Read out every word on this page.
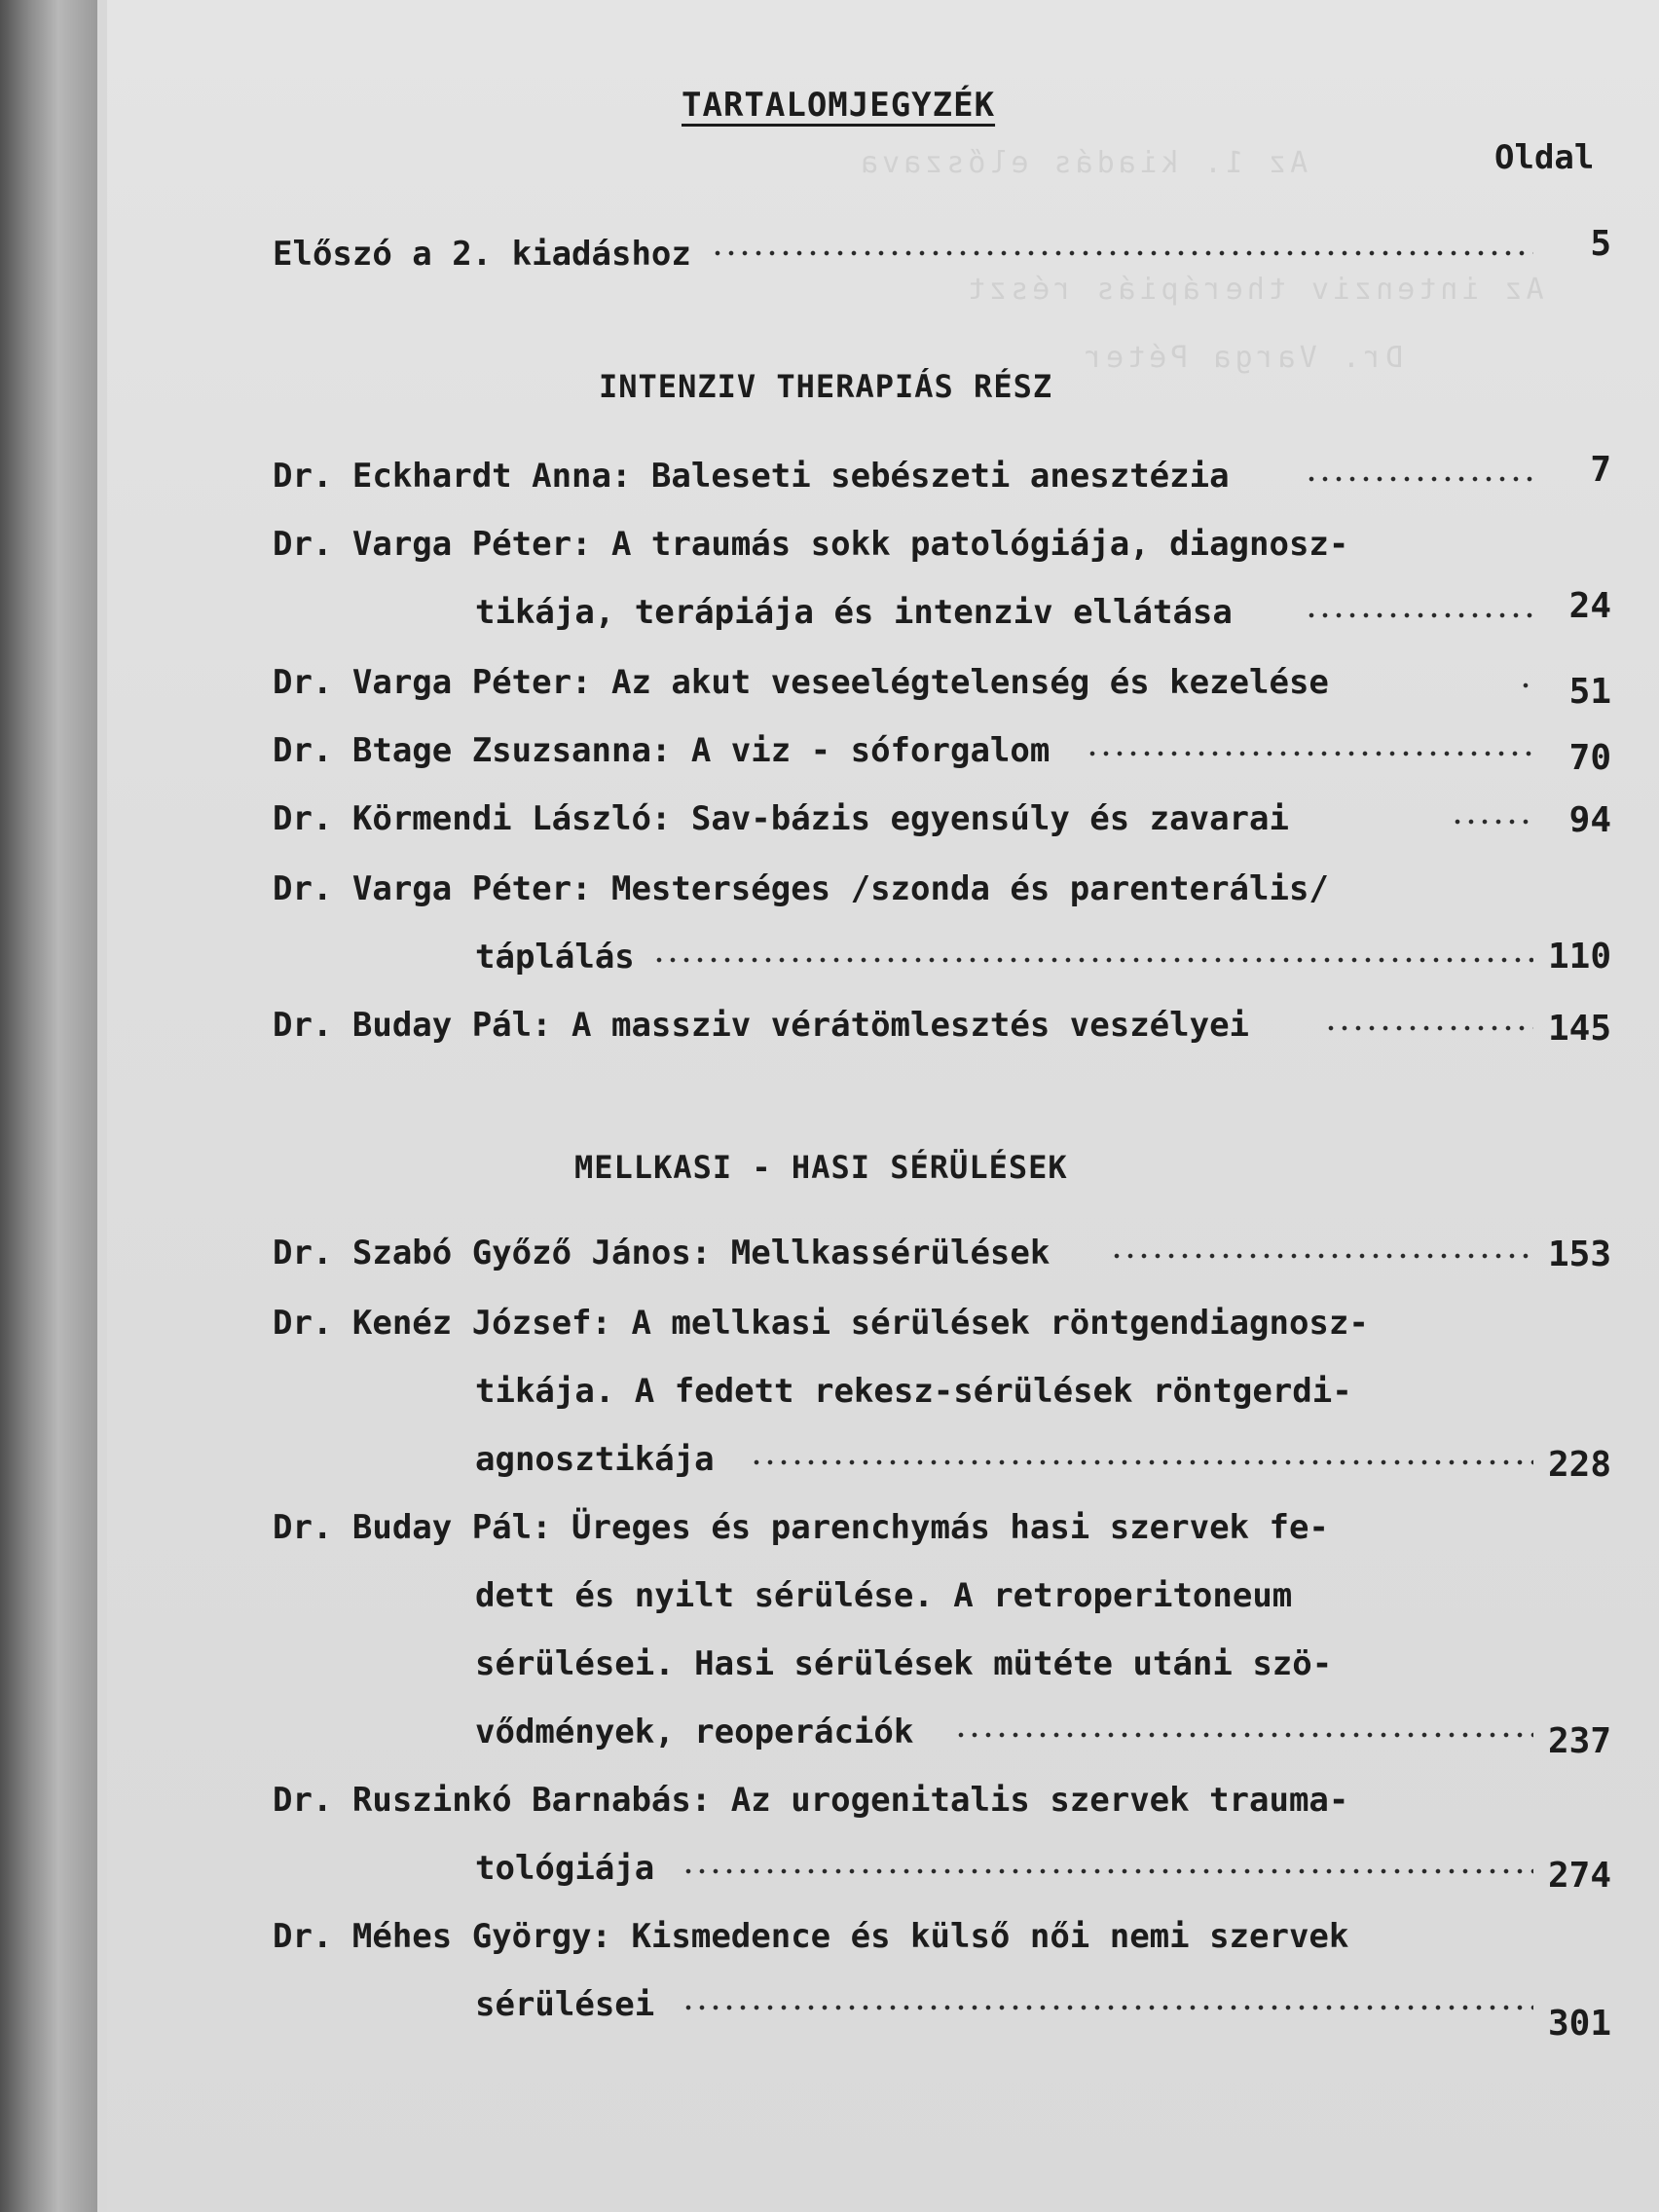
Az 1. kiadás előszava
Az intenziv therápiás részt
Dr. Varga Péter
TARTALOMJEGYZÉK
Oldal
Előszó a 2. kiadáshoz	5
INTENZIV THERAPIÁS RÉSZ
Dr. Eckhardt Anna: Baleseti sebészeti anesztézia	7
Dr. Varga Péter: A traumás sokk patológiája, diagnosz-
tikája, terápiája és intenziv ellátása	24
Dr. Varga Péter: Az akut veseelégtelenség és kezelése	51
Dr. Btage Zsuzsanna: A viz - sóforgalom	70
Dr. Körmendi László: Sav-bázis egyensúly és zavarai	94
Dr. Varga Péter: Mesterséges /szonda és parenterális/
táplálás	110
Dr. Buday Pál: A massziv vérátömlesztés veszélyei	145
MELLKASI - HASI SÉRÜLÉSEK
Dr. Szabó Győző János: Mellkassérülések	153
Dr. Kenéz József: A mellkasi sérülések röntgendiagnosz-
tikája. A fedett rekesz-sérülések röntgerdi-
agnosztikája	228
Dr. Buday Pál: Üreges és parenchymás hasi szervek fe-
dett és nyilt sérülése. A retroperitoneum
sérülései. Hasi sérülések mütéte utáni szö-
vődmények, reoperációk	237
Dr. Ruszinkó Barnabás: Az urogenitalis szervek trauma-
tológiája	274
Dr. Méhes György: Kismedence és külső női nemi szervek
sérülései	301
